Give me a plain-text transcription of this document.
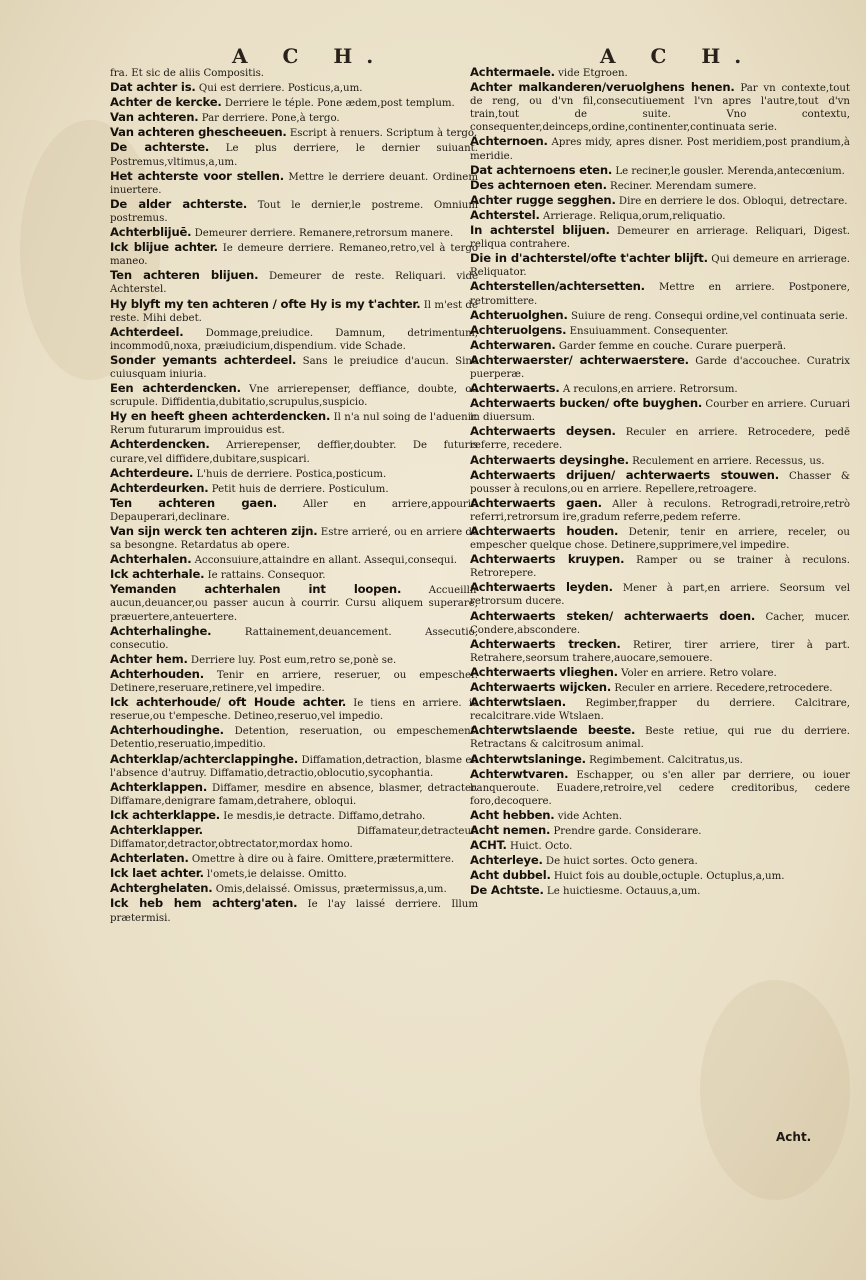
A C H.	A C H.
fra. Et sic de aliis Compositis.
Dat achter is. Qui est derriere. Posticus,a,um.
Achter de kercke. Derriere le téple. Pone ædem,post templum.
Van achteren. Par derriere. Pone,à tergo.
Van achteren ghescheeuen. Escript à renuers. Scriptum à tergo.
De achterste. Le plus derriere, le dernier suiuant. Postremus,vltimus,a,um.
Het achterste voor stellen. Mettre le derriere deuant. Ordinem inuertere.
De alder achterste. Tout le dernier,le postreme. Omnium postremus.
Achterblijuē. Demeurer derriere. Remanere,retrorsum manere.
Ick blijue achter. Ie demeure derriere. Remaneo,retro,vel à tergo maneo.
Ten achteren blijuen. Demeurer de reste. Reliquari. vide Achterstel.
Hy blyft my ten achteren / ofte Hy is my t'achter. Il m'est de reste. Mihi debet.
Achterdeel. Dommage,preiudice. Damnum, detrimentum, incommodū,noxa, præiudicium,dispendium. vide Schade.
Sonder yemants achterdeel. Sans le preiudice d'aucun. Sine cuiusquam iniuria.
Een achterdencken. Vne arrierepenser, deffiance, doubte, ou scrupule. Diffidentia,dubitatio,scrupulus,suspicio.
Hy en heeft gheen achterdencken. Il n'a nul soing de l'aduenir. Rerum futurarum improuidus est.
Achterdencken. Arrierepenser, deffier,doubter. De futuris curare,vel diffidere,dubitare,suspicari.
Achterdeure. L'huis de derriere. Postica,posticum.
Achterdeurken. Petit huis de derriere. Posticulum.
Ten achteren gaen. Aller en arriere,appourir. Depauperari,declinare.
Van sijn werck ten achteren zijn. Estre arrieré, ou en arriere de sa besongne. Retardatus ab opere.
Achterhalen. Acconsuiure,attaindre en allant. Assequi,consequi.
Ick achterhale. Ie rattains. Consequor.
Yemanden achterhalen int loopen. Accueillir aucun,deuancer,ou passer aucun à courrir. Cursu aliquem superare, præuertere,anteuertere.
Achterhalinghe. Rattainement,deuancement. Assecutio, consecutio.
Achter hem. Derriere luy. Post eum,retro se,ponè se.
Achterhouden. Tenir en arriere, reseruer, ou empescher. Detinere,reseruare,retinere,vel impedire.
Ick achterhoude/ oft Houde achter. Ie tiens en arriere. ie reserue,ou t'empesche. Detineo,reseruo,vel impedio.
Achterhoudinghe. Detention, reseruation, ou empeschement. Detentio,reseruatio,impeditio.
Achterklap/achterclappinghe. Diffamation,detraction, blasme en l'absence d'autruy. Diffamatio,detractio,oblocutio,sycophantia.
Achterklappen. Diffamer, mesdire en absence, blasmer, detracter. Diffamare,denigrare famam,detrahere, obloqui.
Ick achterklappe. Ie mesdis,ie detracte. Diffamo,detraho.
Achterklapper. Diffamateur,detracteur. Diffamator,detractor,obtrectator,mordax homo.
Achterlaten. Omettre à dire ou à faire. Omittere,prætermittere.
Ick laet achter. l'omets,ie delaisse. Omitto.
Achterghelaten. Omis,delaissé. Omissus, prætermissus,a,um.
Ick heb hem achterg'aten. Ie l'ay laissé derriere. Illum prætermisi.
Achtermaele. vide Etgroen.
Achter malkanderen/veruolghens henen. Par vn contexte,tout de reng, ou d'vn fil,consecutiuement l'vn apres l'autre,tout d'vn train,tout de suite. Vno contextu, consequenter,deinceps,ordine,continenter,continuata serie.
Achternoen. Apres midy, apres disner. Post meridiem,post prandium,à meridie.
Dat achternoens eten. Le reciner,le gousler. Merenda,antecœnium.
Des achternoen eten. Reciner. Merendam sumere.
Achter rugge segghen. Dire en derriere le dos. Obloqui, detrectare.
Achterstel. Arrierage. Reliqua,orum,reliquatio.
In achterstel blijuen. Demeurer en arrierage. Reliquari, Digest. reliqua contrahere.
Die in d'achterstel/ofte t'achter blijft. Qui demeure en arrierage. Reliquator.
Achterstellen/achtersetten. Mettre en arriere. Postponere, retromittere.
Achteruolghen. Suiure de reng. Consequi ordine,vel continuata serie.
Achteruolgens. Ensuiuamment. Consequenter.
Achterwaren. Garder femme en couche. Curare puerperā.
Achterwaerster/ achterwaerstere. Garde d'accouchee. Curatrix puerperæ.
Achterwaerts. A reculons,en arriere. Retrorsum.
Achterwaerts bucken/ ofte buyghen. Courber en arriere. Curuari in diuersum.
Achterwaerts deysen. Reculer en arriere. Retrocedere, pedē referre, recedere.
Achterwaerts deysinghe. Reculement en arriere. Recessus, us.
Achterwaerts drijuen/ achterwaerts stouwen. Chasser & pousser à reculons,ou en arriere. Repellere,retroagere.
Achterwaerts gaen. Aller à reculons. Retrogradi,retroire,retrò referri,retrorsum ire,gradum referre,pedem referre.
Achterwaerts houden. Detenir, tenir en arriere, receler, ou empescher quelque chose. Detinere,supprimere,vel impedire.
Achterwaerts kruypen. Ramper ou se trainer à reculons. Retrorepere.
Achterwaerts leyden. Mener à part,en arriere. Seorsum vel retrorsum ducere.
Achterwaerts steken/ achterwaerts doen. Cacher, mucer. Condere,abscondere.
Achterwaerts trecken. Retirer, tirer arriere, tirer à part. Retrahere,seorsum trahere,auocare,semouere.
Achterwaerts vlieghen. Voler en arriere. Retro volare.
Achterwaerts wijcken. Reculer en arriere. Recedere,retrocedere.
Achterwtslaen. Regimber,frapper du derriere. Calcitrare, recalcitrare.vide Wtslaen.
Achterwtslaende beeste. Beste retiue, qui rue du derriere. Retractans & calcitrosum animal.
Achterwtslaninge. Regimbement. Calcitratus,us.
Achterwtvaren. Eschapper, ou s'en aller par derriere, ou iouer banqueroute. Euadere,retroire,vel cedere creditoribus, cedere foro,decoquere.
Acht hebben. vide Achten.
Acht nemen. Prendre garde. Considerare.
ACHT. Huict. Octo.
Achterleye. De huict sortes. Octo genera.
Acht dubbel. Huict fois au double,octuple. Octuplus,a,um.
De Achtste. Le huictiesme. Octauus,a,um.
Acht.
